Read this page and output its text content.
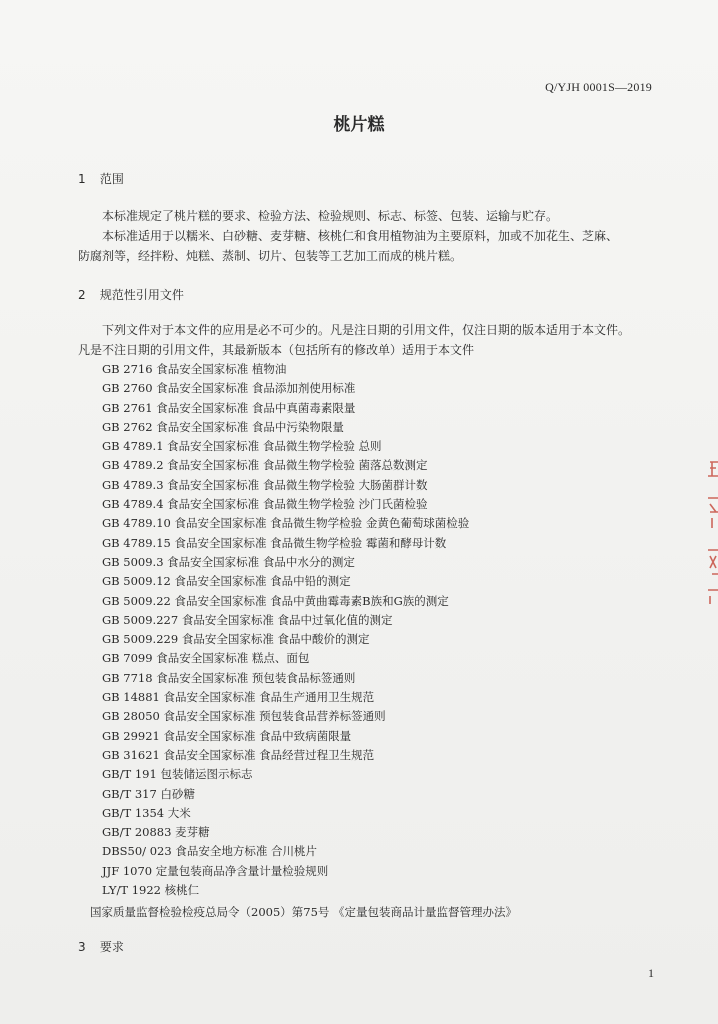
Q/YJH 0001S—2019
桃片糕
1 范围
本标准规定了桃片糕的要求、检验方法、检验规则、标志、标签、包装、运输与贮存。
本标准适用于以糯米、白砂糖、麦芽糖、核桃仁和食用植物油为主要原料，加或不加花生、芝麻、
防腐剂等，经拌粉、炖糕、蒸制、切片、包装等工艺加工而成的桃片糕。
2 规范性引用文件
下列文件对于本文件的应用是必不可少的。凡是注日期的引用文件，仅注日期的版本适用于本文件。
凡是不注日期的引用文件，其最新版本（包括所有的修改单）适用于本文件
GB 2716 食品安全国家标准 植物油
GB 2760 食品安全国家标准 食品添加剂使用标准
GB 2761 食品安全国家标准 食品中真菌毒素限量
GB 2762 食品安全国家标准 食品中污染物限量
GB 4789.1 食品安全国家标准 食品微生物学检验 总则
GB 4789.2 食品安全国家标准 食品微生物学检验 菌落总数测定
GB 4789.3 食品安全国家标准 食品微生物学检验 大肠菌群计数
GB 4789.4 食品安全国家标准 食品微生物学检验 沙门氏菌检验
GB 4789.10 食品安全国家标准 食品微生物学检验 金黄色葡萄球菌检验
GB 4789.15 食品安全国家标准 食品微生物学检验 霉菌和酵母计数
GB 5009.3 食品安全国家标准 食品中水分的测定
GB 5009.12 食品安全国家标准 食品中铅的测定
GB 5009.22 食品安全国家标准 食品中黄曲霉毒素B族和G族的测定
GB 5009.227 食品安全国家标准 食品中过氧化值的测定
GB 5009.229 食品安全国家标准 食品中酸价的测定
GB 7099 食品安全国家标准 糕点、面包
GB 7718 食品安全国家标准 预包装食品标签通则
GB 14881 食品安全国家标准 食品生产通用卫生规范
GB 28050 食品安全国家标准 预包装食品营养标签通则
GB 29921 食品安全国家标准 食品中致病菌限量
GB 31621 食品安全国家标准 食品经营过程卫生规范
GB/T 191 包装储运图示标志
GB/T 317 白砂糖
GB/T 1354 大米
GB/T 20883 麦芽糖
DBS50/ 023 食品安全地方标准 合川桃片
JJF 1070 定量包装商品净含量计量检验规则
LY/T 1922 核桃仁
国家质量监督检验检疫总局令（2005）第75号 《定量包装商品计量监督管理办法》
3 要求
1
